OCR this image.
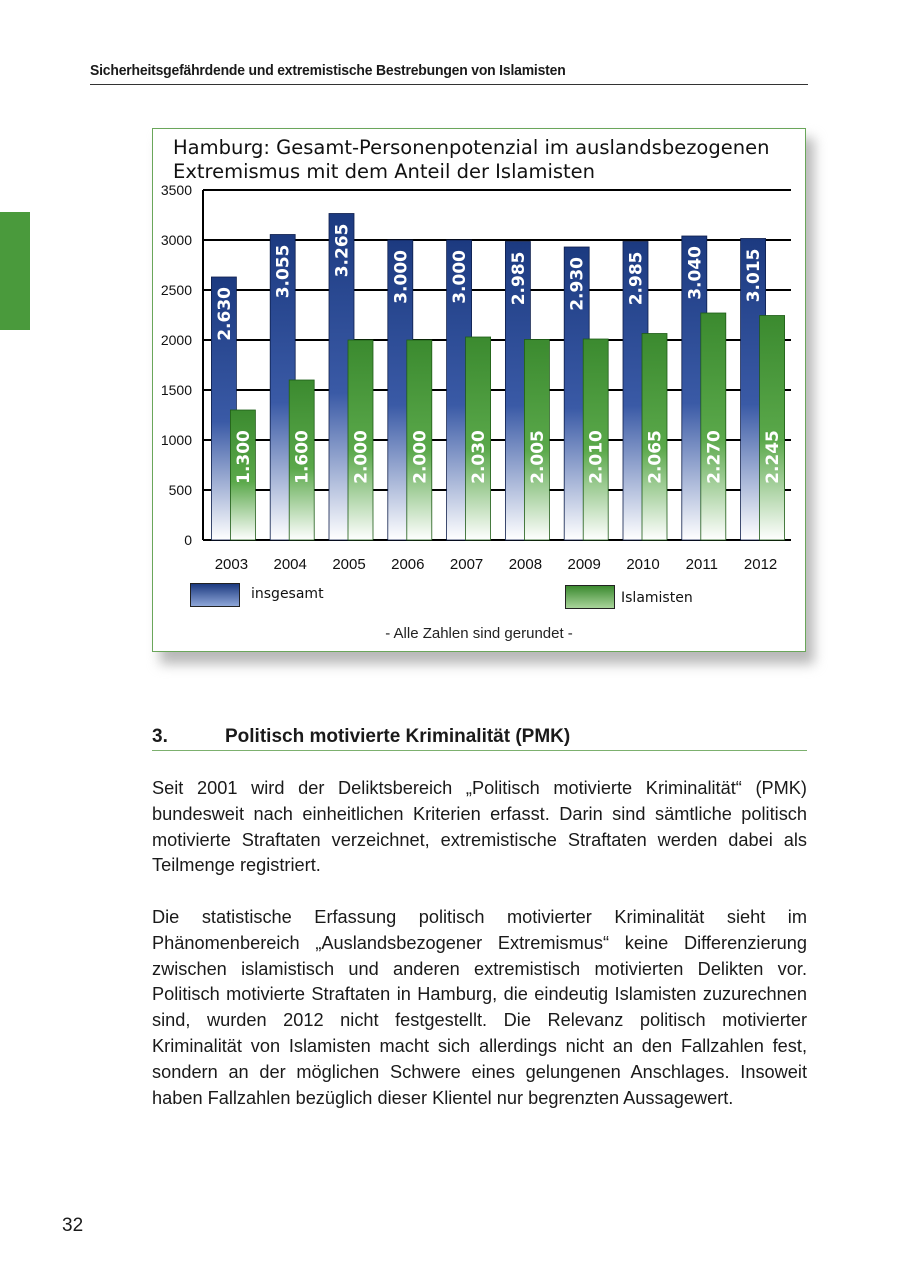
Sicherheitsgefährdende und extremistische Bestrebungen von Islamisten
Hamburg: Gesamt-Personenpotenzial im auslandsbezogenen
Extremismus mit dem Anteil der Islamisten
0
500
1000
1500
2000
2500
3000
3500
2.630
1.300
2003
3.055
1.600
2004
3.265
2.000
2005
3.000
2.000
2006
3.000
2.030
2007
2.985
2.005
2008
2.930
2.010
2009
2.985
2.065
2010
3.040
2.270
2011
3.015
2.245
2012
insgesamt	Islamisten
- Alle Zahlen sind gerundet -
3.	Politisch motivierte Kriminalität (PMK)

Seit 2001 wird der Deliktsbereich „Politisch motivierte Kriminalität“ (PMK) bundesweit nach einheitlichen Kriterien erfasst. Darin sind sämtliche politisch motivierte Straftaten verzeichnet, extremistische Straftaten werden dabei als Teilmenge registriert.

Die statistische Erfassung politisch motivierter Kriminalität sieht im Phänomenbereich „Auslandsbezogener Extremismus“ keine Differenzierung zwischen islamistisch und anderen extremistisch motivierten Delikten vor. Politisch motivierte Straftaten in Hamburg, die eindeutig Islamisten zuzurechnen sind, wurden 2012 nicht festgestellt. Die Relevanz politisch motivierter Kriminalität von Islamisten macht sich allerdings nicht an den Fallzahlen fest, sondern an der möglichen Schwere eines gelungenen Anschlages. Insoweit haben Fallzahlen bezüglich dieser Klientel nur begrenzten Aussagewert.

32
